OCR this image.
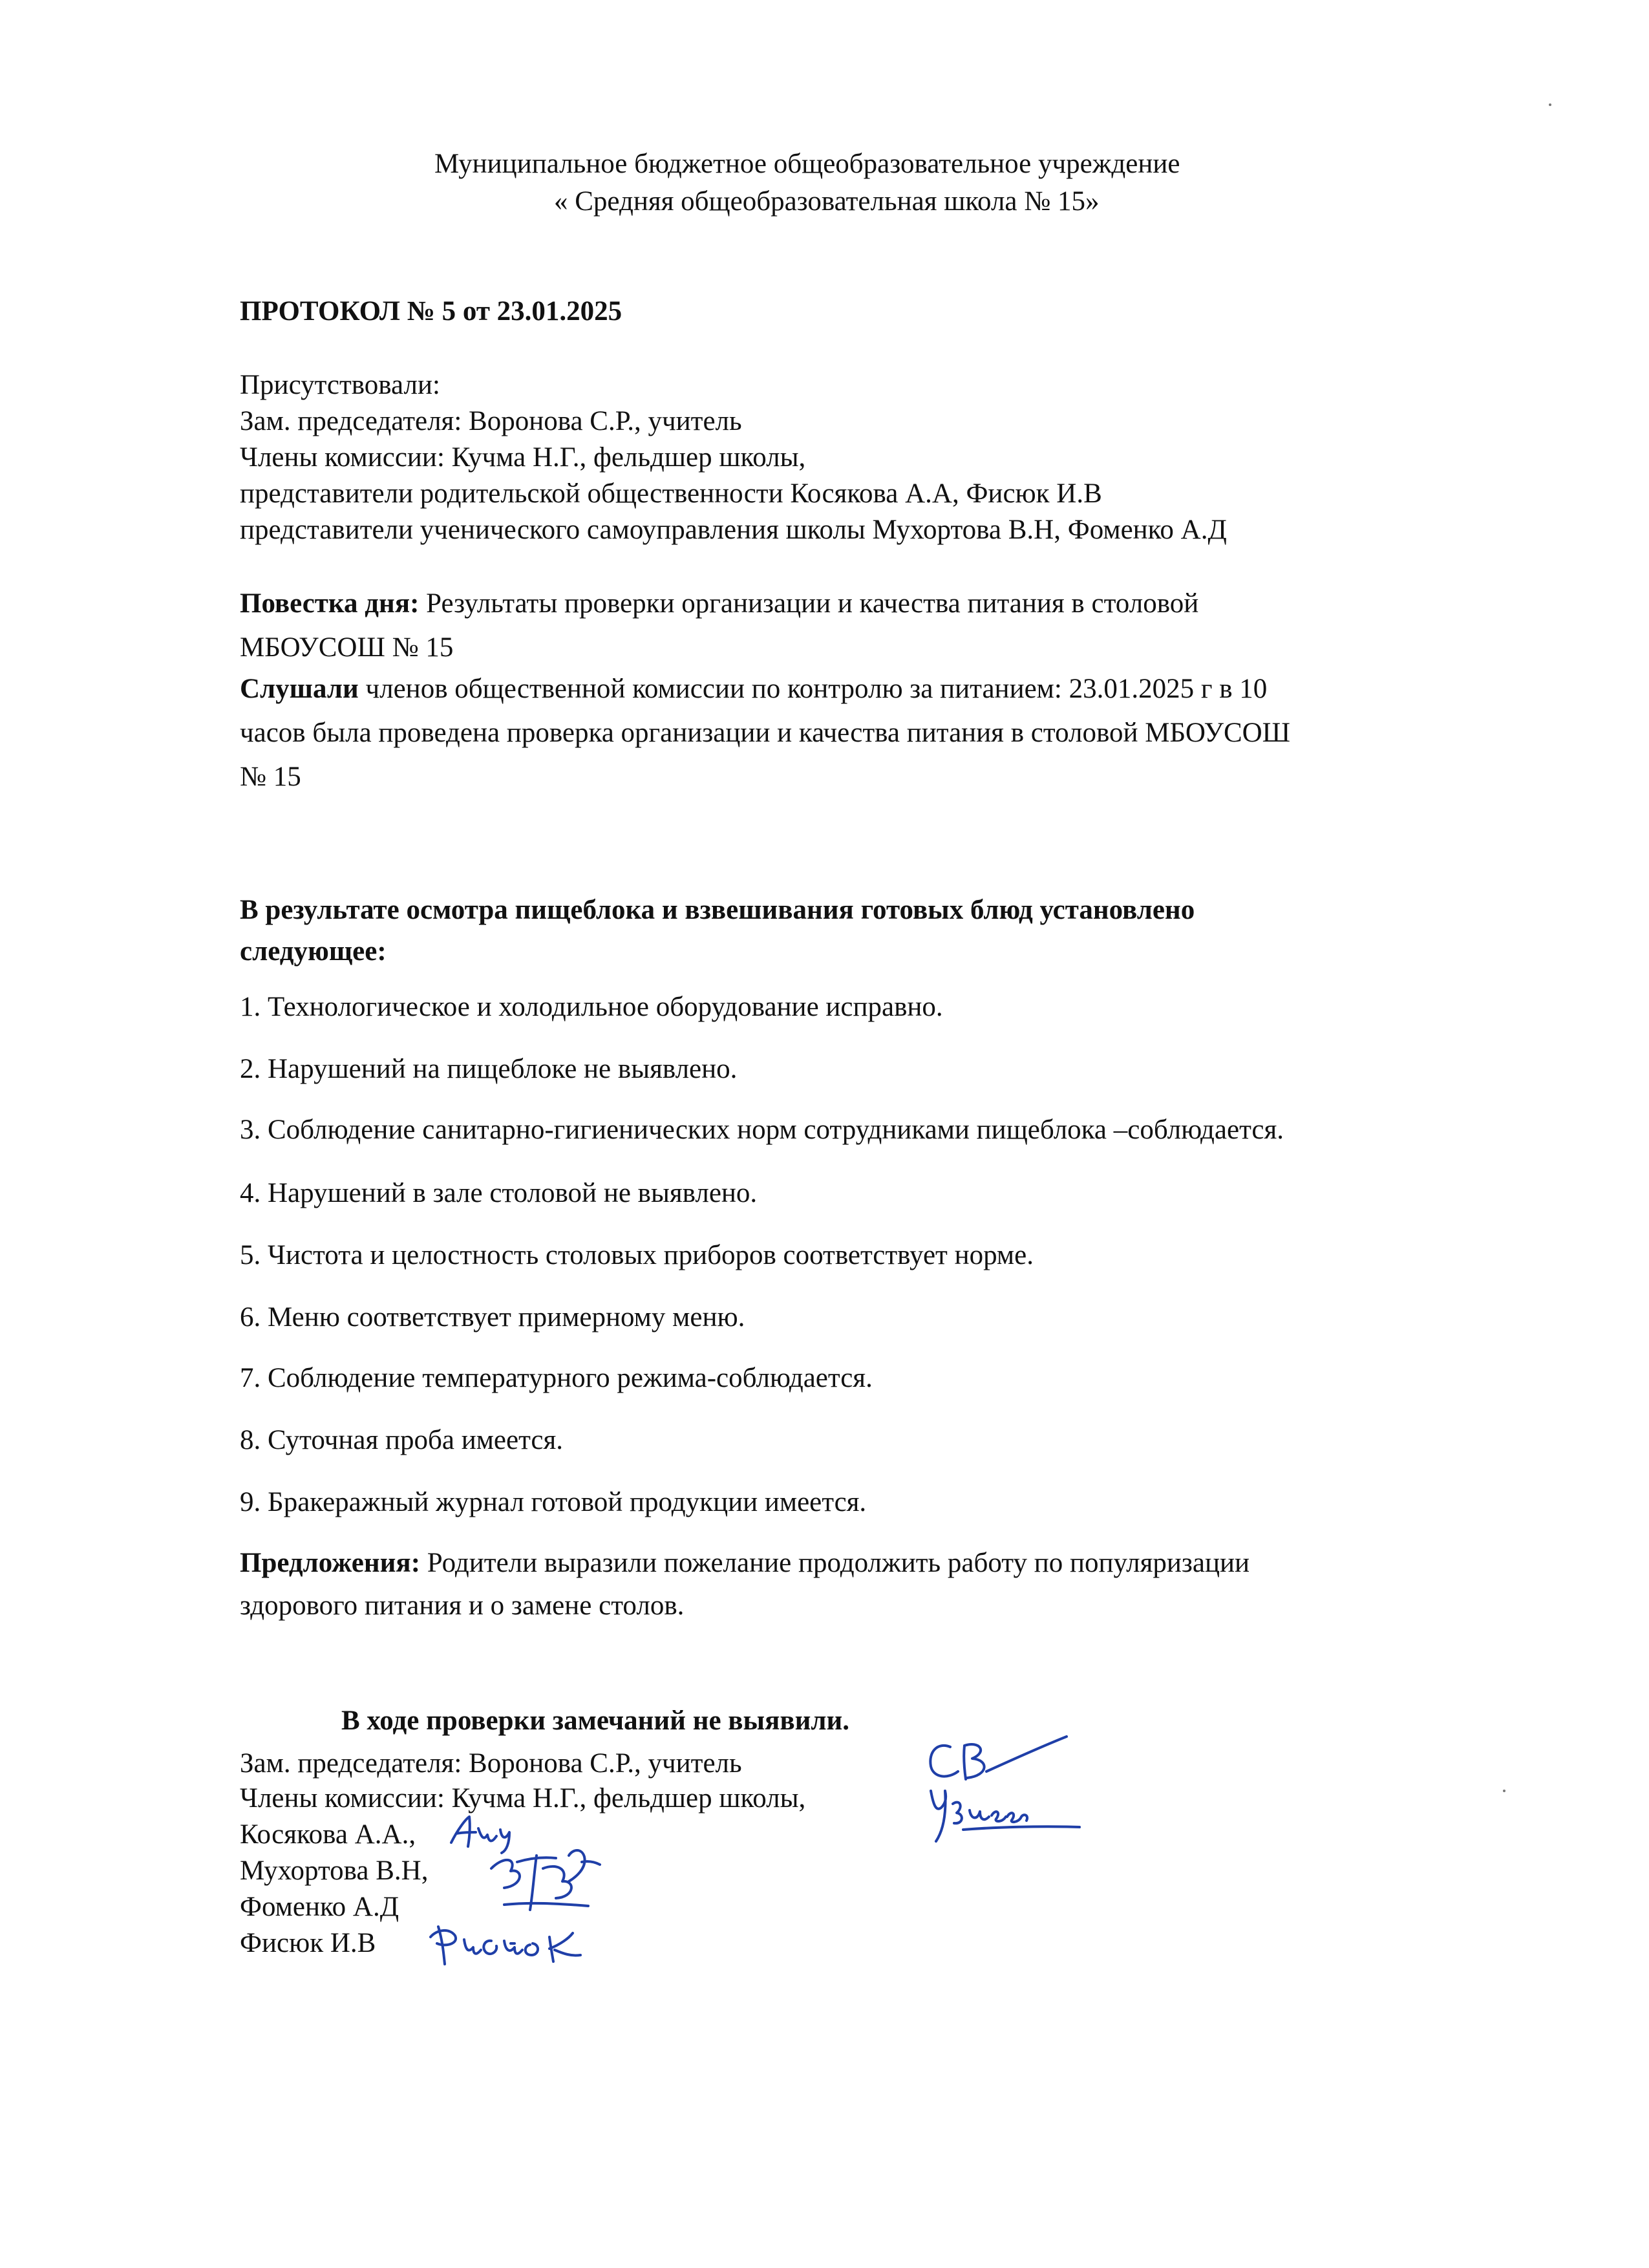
Муниципальное бюджетное общеобразовательное учреждение
« Средняя общеобразовательная школа № 15»
ПРОТОКОЛ № 5 от 23.01.2025
Присутствовали:
Зам. председателя: Воронова С.Р., учитель
Члены комиссии: Кучма Н.Г., фельдшер школы,
представители родительской общественности Косякова А.А, Фисюк И.В
представители ученического самоуправления школы Мухортова В.Н, Фоменко А.Д
Повестка дня: Результаты проверки организации и качества питания в столовой
МБОУСОШ № 15
Слушали членов общественной комиссии по контролю за питанием: 23.01.2025 г в 10
часов была проведена проверка организации и качества питания в столовой МБОУСОШ
№ 15
В результате осмотра пищеблока и взвешивания готовых блюд установлено
следующее:
1. Технологическое и холодильное оборудование исправно.
2. Нарушений на пищеблоке не выявлено.
3. Соблюдение санитарно-гигиенических норм сотрудниками пищеблока –соблюдается.
4. Нарушений в зале столовой не выявлено.
5. Чистота и целостность столовых приборов соответствует норме.
6. Меню соответствует примерному меню.
7. Соблюдение температурного режима-соблюдается.
8. Суточная проба имеется.
9. Бракеражный журнал готовой продукции имеется.
Предложения: Родители выразили пожелание продолжить работу по популяризации
здорового питания и о замене столов.
В ходе проверки замечаний не выявили.
Зам. председателя: Воронова С.Р., учитель
Члены комиссии: Кучма Н.Г., фельдшер школы,
Косякова А.А.,
Мухортова В.Н,
Фоменко А.Д
Фисюк И.В
